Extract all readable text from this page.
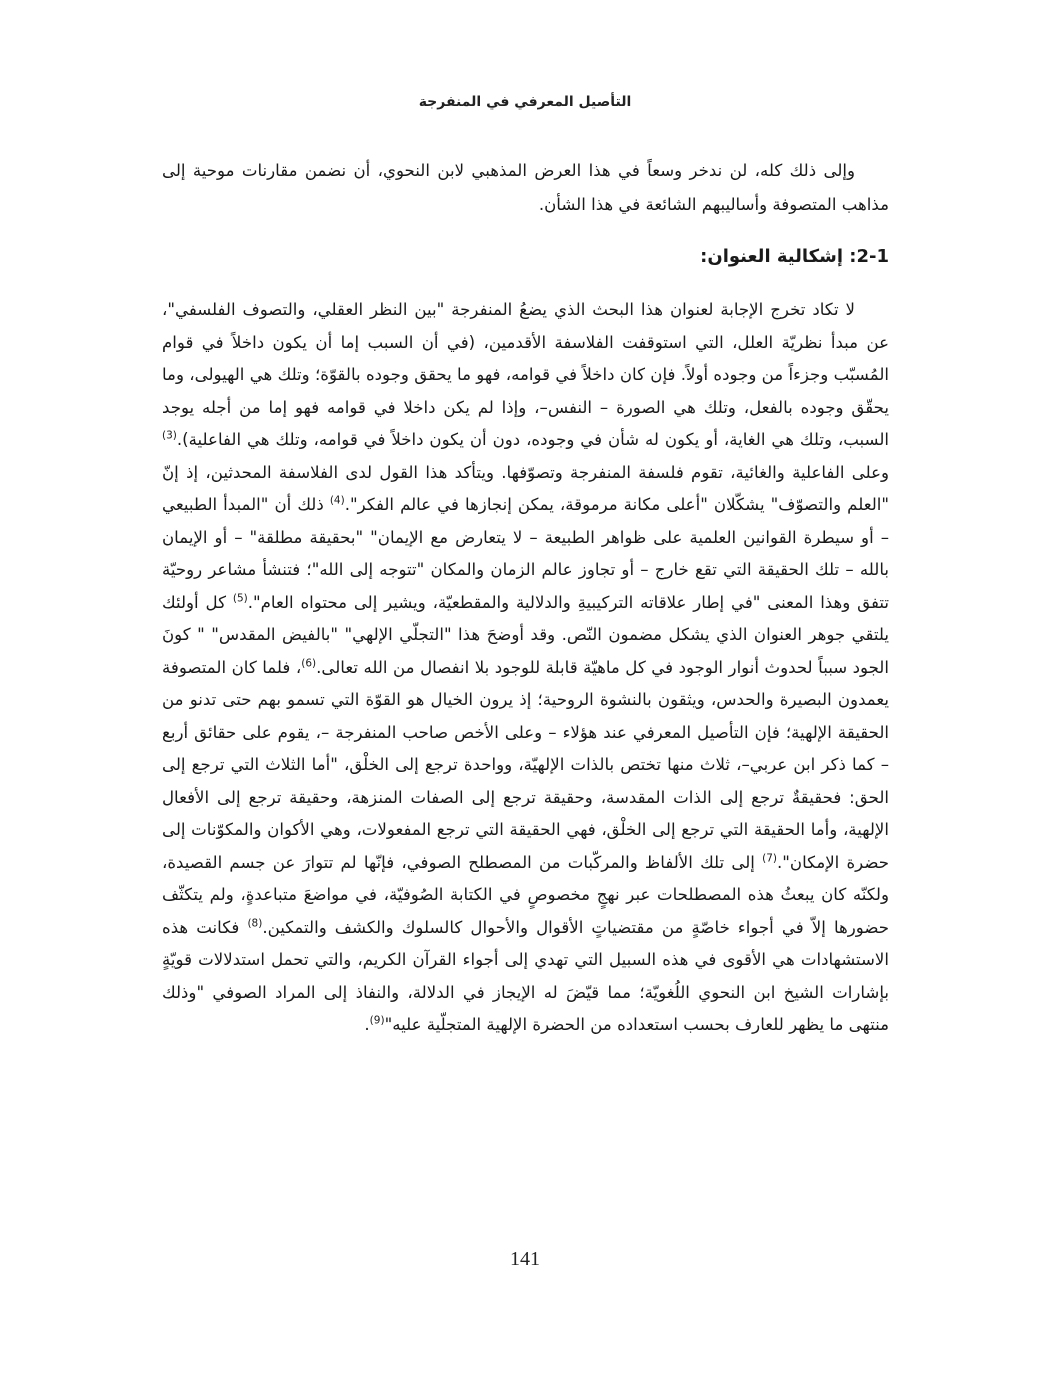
التأصيل المعرفي في المنفرجة

وإلى ذلك كله، لن ندخر وسعاً في هذا العرض المذهبي لابن النحوي، أن نضمن مقارنات موحية إلى مذاهب المتصوفة وأساليبهم الشائعة في هذا الشأن.

2-1: إشكالية العنوان:

لا تكاد تخرج الإجابة لعنوان هذا البحث الذي يضعُ المنفرجة "بين النظر العقلي، والتصوف الفلسفي"، عن مبدأ نظريّة العلل، التي استوقفت الفلاسفة الأقدمين، (في أن السبب إما أن يكون داخلاً في قوام المُسبّب وجزءاً من وجوده أولاً. فإن كان داخلاً في قوامه، فهو ما يحقق وجوده بالقوّة؛ وتلك هي الهيولى، وما يحقّق وجوده بالفعل، وتلك هي الصورة – النفس–، وإذا لم يكن داخلا في قوامه فهو إما من أجله يوجد السبب، وتلك هي الغاية، أو يكون له شأن في وجوده، دون أن يكون داخلاً في قوامه، وتلك هي الفاعلية).$^{(3)}$ وعلى الفاعلية والغائية، تقوم فلسفة المنفرجة وتصوّفها. ويتأكد هذا القول لدى الفلاسفة المحدثين، إذ إنّ "العلم والتصوّف" يشكّلان "أعلى مكانة مرموقة، يمكن إنجازها في عالم الفكر".$^{(4)}$ ذلك أن "المبدأ الطبيعي – أو سيطرة القوانين العلمية على ظواهر الطبيعة – لا يتعارض مع الإيمان" "بحقيقة مطلقة" – أو الإيمان بالله – تلك الحقيقة التي تقع خارج – أو تجاوز عالم الزمان والمكان "تتوجه إلى الله"؛ فتنشأ مشاعر روحيّة تتفق وهذا المعنى "في إطار علاقاته التركيبيةِ والدلالية والمقطعيّة، ويشير إلى محتواه العام".$^{(5)}$ كل أولئك يلتقي جوهر العنوان الذي يشكل مضمون النّص. وقد أوضحَ هذا "التجلّي الإلهي" "بالفيض المقدس" " كونَ الجود سبباً لحدوث أنوار الوجود في كل ماهيّة قابلة للوجود بلا انفصال من الله تعالى.$^{(6)}$، فلما كان المتصوفة يعمدون البصيرة والحدس، ويثقون بالنشوة الروحية؛ إذ يرون الخيال هو القوّة التي تسمو بهم حتى تدنو من الحقيقة الإلهية؛ فإن التأصيل المعرفي عند هؤلاء – وعلى الأخص صاحب المنفرجة –، يقوم على حقائق أربع – كما ذكر ابن عربي–، ثلاث منها تختص بالذات الإلهيّة، وواحدة ترجع إلى الخلْق، "أما الثلاث التي ترجع إلى الحق: فحقيقةٌ ترجع إلى الذات المقدسة، وحقيقة ترجع إلى الصفات المنزهة، وحقيقة ترجع إلى الأفعال الإلهية، وأما الحقيقة التي ترجع إلى الخلْق، فهي الحقيقة التي ترجع المفعولات، وهي الأكوان والمكوّنات إلى حضرة الإمكان".$^{(7)}$ إلى تلك الألفاظ والمركّبات من المصطلح الصوفي، فإنّها لم تتوارَ عن جسم القصيدة، ولكنّه كان يبعثُ هذه المصطلحات عبر نهجٍ مخصوصٍ في الكتابة الصُوفيّة، في مواضعَ متباعدةٍ، ولم يتكثّف حضورها إلاّ في أجواء خاصّةٍ من مقتضياتٍ الأقوال والأحوال كالسلوك والكشف والتمكين.$^{(8)}$ فكانت هذه الاستشهادات هي الأقوى في هذه السبيل التي تهدي إلى أجواء القرآن الكريم، والتي تحمل استدلالات قويّةٍ بإشارات الشيخ ابن النحوي اللُغويّة؛ مما قيّضَ له الإيجاز في الدلالة، والنفاذ إلى المراد الصوفي "وذلك منتهى ما يظهر للعارف بحسب استعداده من الحضرة الإلهية المتجلّية عليه"$^{(9)}$.

141
